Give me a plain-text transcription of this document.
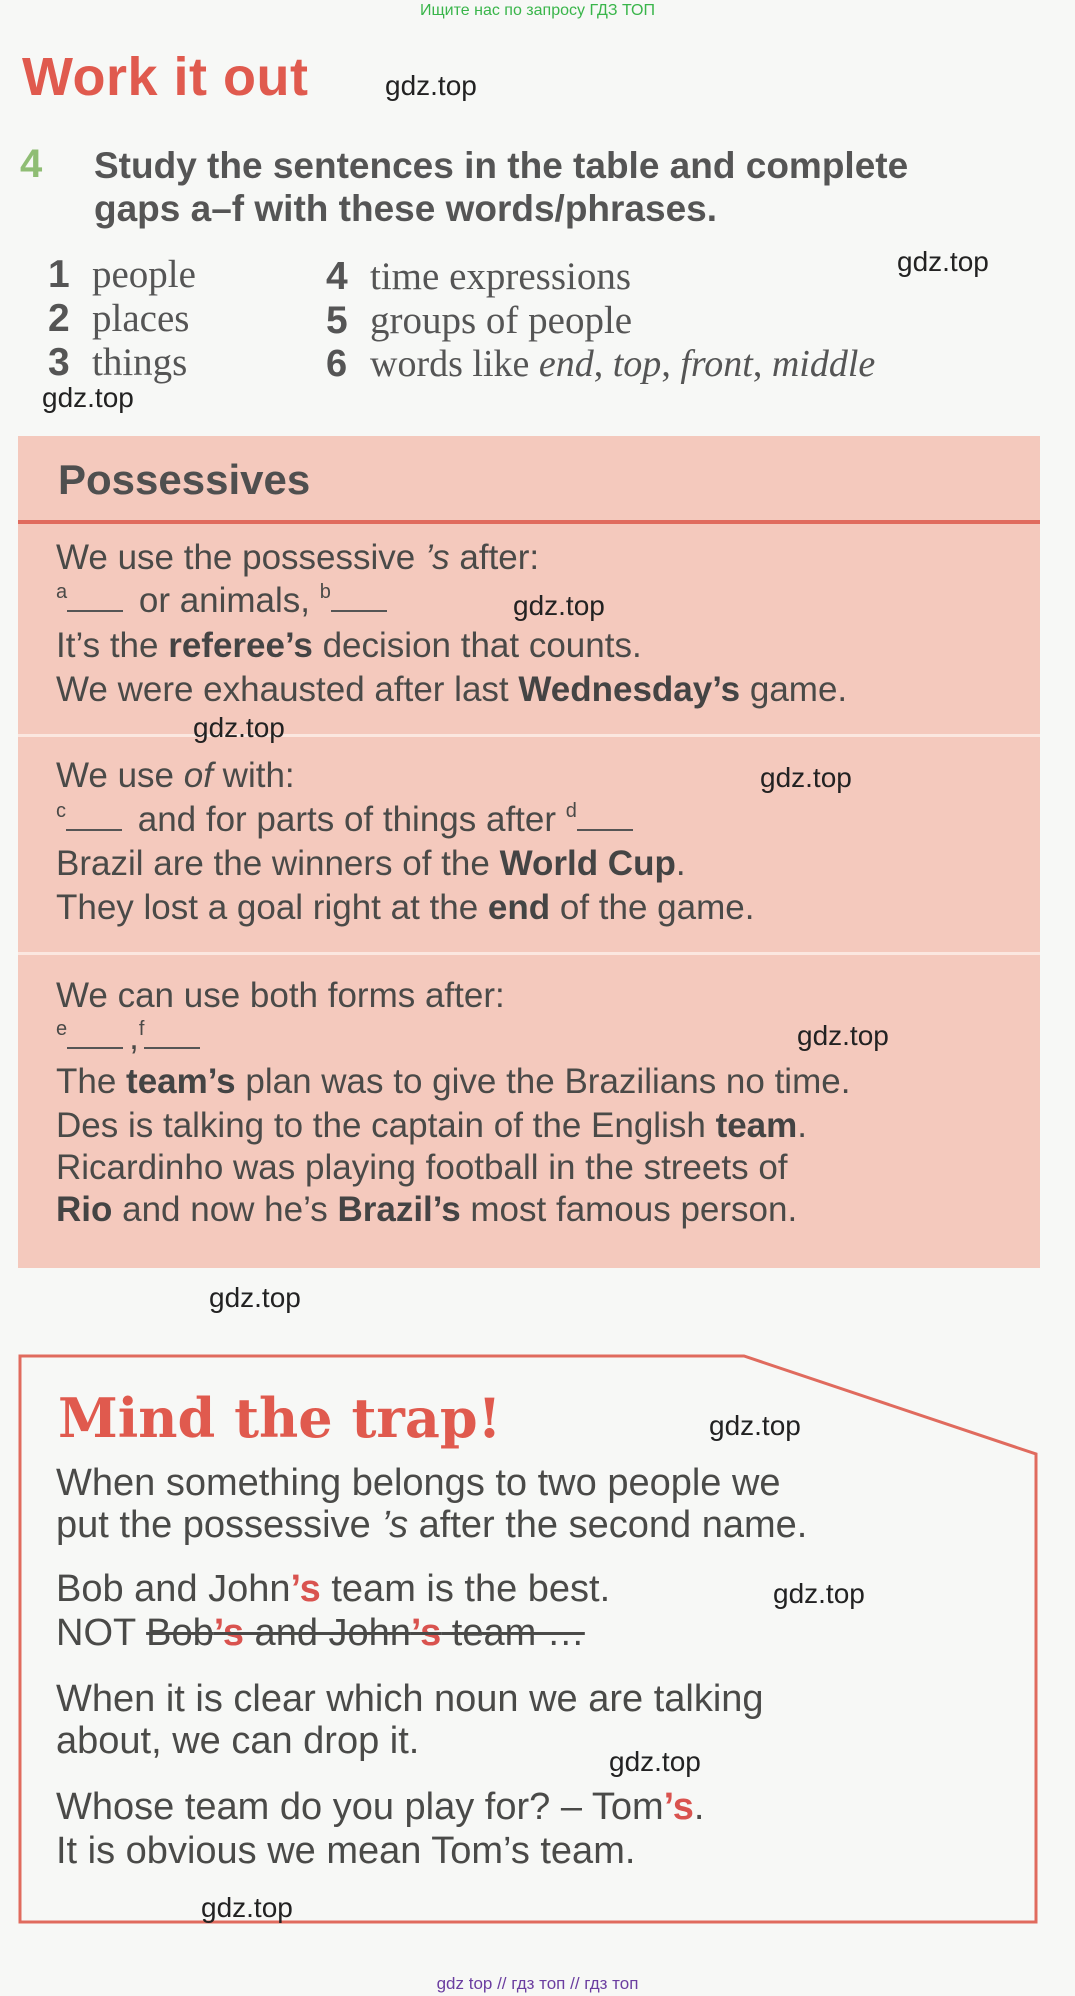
Ищите нас по запросу ГДЗ ТОП
Work it out
4 Study the sentences in the table and complete
gaps a–f with these words/phrases.
1 people
2 places
3 things
4 time expressions
5 groups of people
6 words like end, top, front, middle
Possessives
We use the possessive ’s after:
$^a$ or animals, $^b$
It’s the referee’s decision that counts.
We were exhausted after last Wednesday’s game.
We use of with:
$^c$ and for parts of things after $^d$
Brazil are the winners of the World Cup.
They lost a goal right at the end of the game.
We can use both forms after:
$^e$ ,$^f$
The team’s plan was to give the Brazilians no time.
Des is talking to the captain of the English team.
Ricardinho was playing football in the streets of
Rio and now he’s Brazil’s most famous person.
Mind the trap!
When something belongs to two people we
put the possessive ’s after the second name.
Bob and John’s team is the best.
NOT Bob’s and John’s team …
When it is clear which noun we are talking
about, we can drop it.
Whose team do you play for? – Tom’s.
It is obvious we mean Tom’s team.
gdz.top
gdz.top
gdz.top
gdz.top
gdz.top
gdz.top
gdz.top
gdz.top
gdz.top
gdz.top
gdz.top
gdz.top
gdz top // гдз топ // гдз топ
